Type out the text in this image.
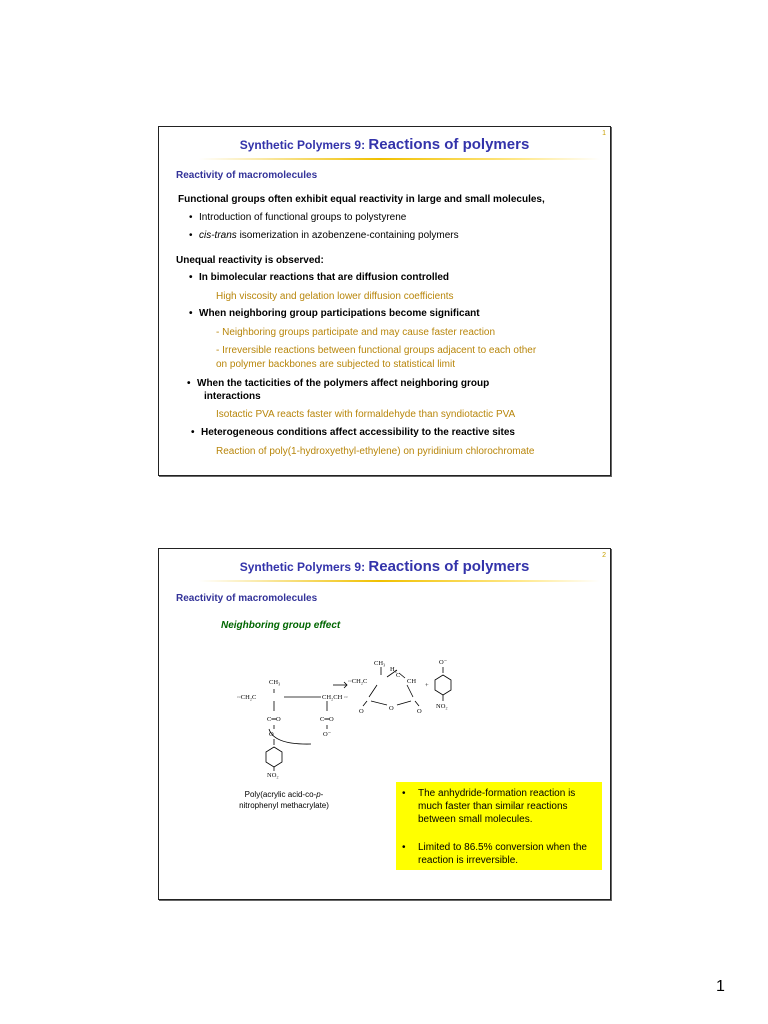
1
Synthetic Polymers 9: Reactions of polymers
Reactivity of macromolecules
Functional groups often exhibit equal reactivity in large and small molecules,
• Introduction of functional groups to polystyrene
• cis-trans isomerization in azobenzene-containing polymers
Unequal reactivity is observed:
• In bimolecular reactions that are diffusion controlled
High viscosity and gelation lower diffusion coefficients
• When neighboring group participations become significant
- Neighboring groups participate and may cause faster reaction
- Irreversible reactions between functional groups adjacent to each other
on polymer backbones are subjected to statistical limit
• When the tacticities of the polymers affect neighboring group
interactions
Isotactic PVA reacts faster with formaldehyde than syndiotactic PVA
• Heterogeneous conditions affect accessibility to the reactive sites
Reaction of poly(1-hydroxyethyl-ethylene) on pyridinium chlorochromate
2
Synthetic Polymers 9: Reactions of polymers
Reactivity of macromolecules
Neighboring group effect
CH₃
ᵕᵕCH₂C	CH₂CH ᵕᵕ
C═O	C═O
O	O⁻
NO₂
CH₃
H₂
C
ᵕᵕCH₂C	CH
O	O	O
+
O⁻
NO₂
Poly(acrylic acid-co-p-
nitrophenyl methacrylate)
• The anhydride-formation reaction is much faster than similar reactions between small molecules.
• Limited to 86.5% conversion when the reaction is irreversible.
1
